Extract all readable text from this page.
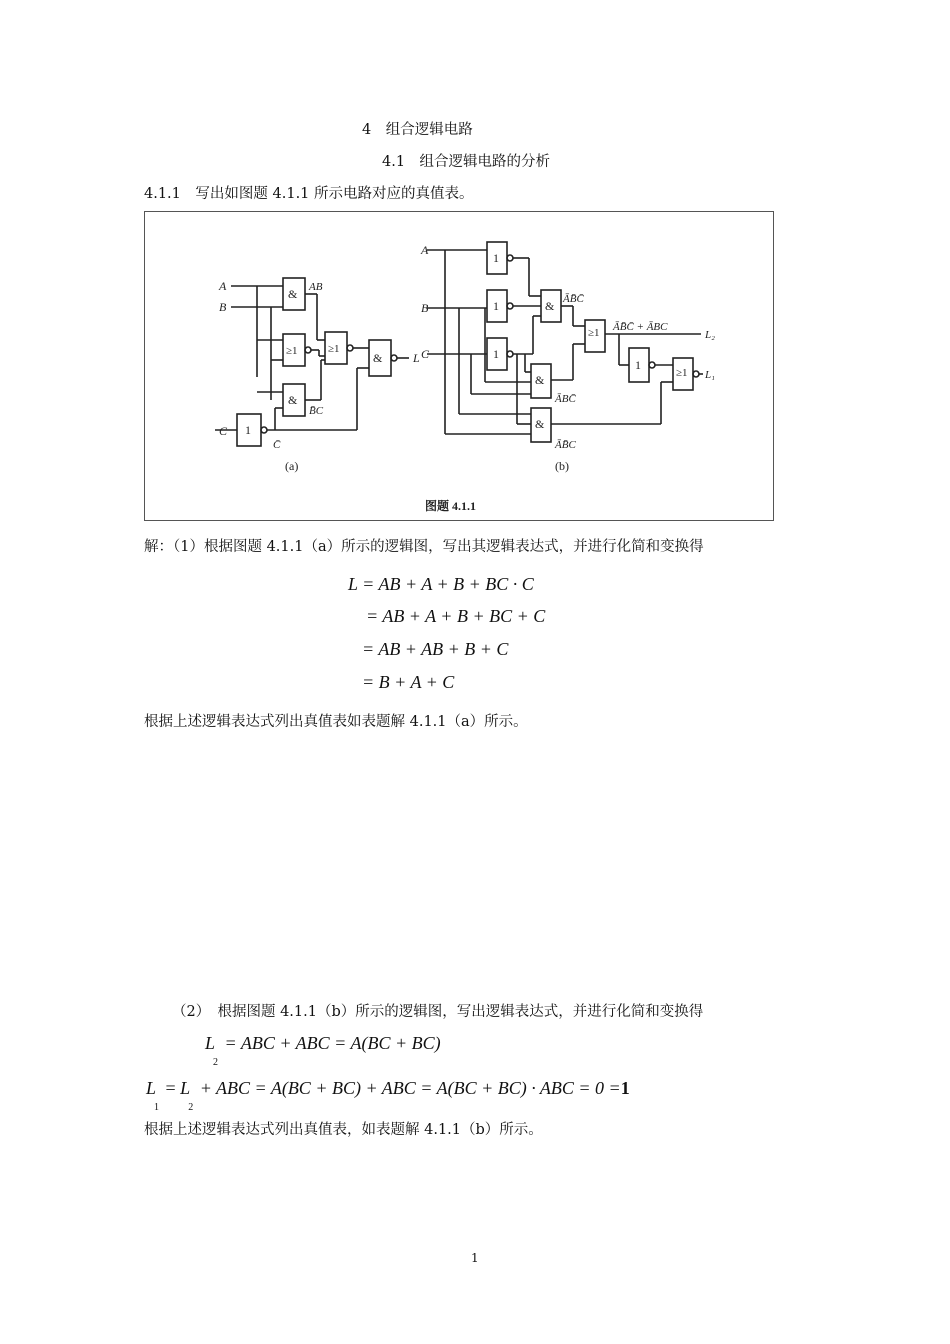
4　组合逻辑电路
4.1　组合逻辑电路的分析
4.1.1　写出如图题 4.1.1 所示电路对应的真值表。
A
B
C
&
≥1
&
1
≥1
&
AB
B̄C
C̄
L
(a)
A
B
C
1
1
1
&
&
&
≥1
1
≥1
ĀB̄C̄
ĀBC̄
ĀB̄C
ĀB̄C̄ + ĀBC
L₂
L₁
(b)
图题 4.1.1
解：（1）根据图题 4.1.1（a）所示的逻辑图，写出其逻辑表达式，并进行化简和变换得
L = AB + A + B + BC · C
= AB + A + B + BC + C
= AB + AB + B + C
= B + A + C
根据上述逻辑表达式列出真值表如表题解 4.1.1（a）所示。
（2）　根据图题 4.1.1（b）所示的逻辑图，写出逻辑表达式，并进行化简和变换得
$L_2$ = ABC + ABC = A(BC + BC)
$L_1 = L_2$ + ABC = A(BC + BC) + ABC = A(BC + BC) · ABC = 0 =1
根据上述逻辑表达式列出真值表，如表题解 4.1.1（b）所示。
1
